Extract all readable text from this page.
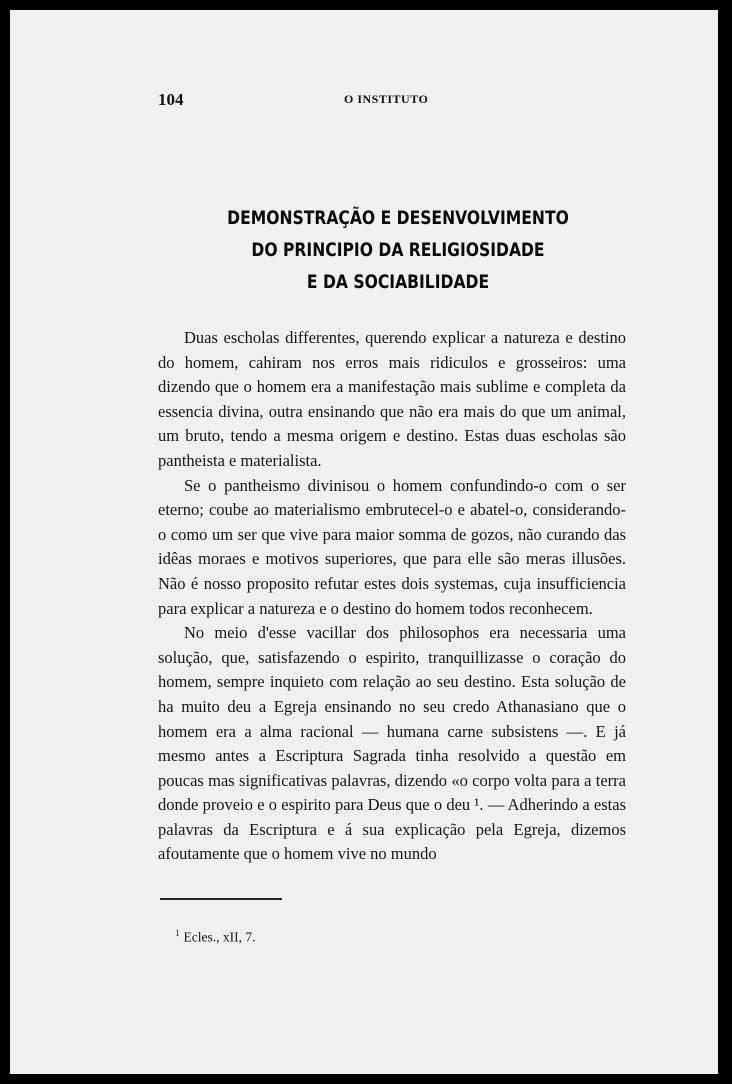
104	O INSTITUTO
DEMONSTRAÇÃO E DESENVOLVIMENTO
DO PRINCIPIO DA RELIGIOSIDADE
E DA SOCIABILIDADE

Duas escholas differentes, querendo explicar a natureza e destino do homem, cahiram nos erros mais ridiculos e grosseiros: uma dizendo que o homem era a manifestação mais sublime e completa da essencia divina, outra ensinando que não era mais do que um animal, um bruto, tendo a mesma origem e destino. Estas duas escholas são pantheista e materialista.

Se o pantheismo divinisou o homem confundindo-o com o ser eterno; coube ao materialismo embrutecel-o e abatel-o, considerando-o como um ser que vive para maior somma de gozos, não curando das idêas moraes e motivos superiores, que para elle são meras illusões. Não é nosso proposito refutar estes dois systemas, cuja insufficiencia para explicar a natureza e o destino do homem todos reconhecem.

No meio d'esse vacillar dos philosophos era necessaria uma solução, que, satisfazendo o espirito, tranquillizasse o coração do homem, sempre inquieto com relação ao seu destino. Esta solução de ha muito deu a Egreja ensinando no seu credo Athanasiano que o homem era a alma racional — humana carne subsistens —. E já mesmo antes a Escriptura Sagrada tinha resolvido a questão em poucas mas significativas palavras, dizendo «o corpo volta para a terra donde proveio e o espirito para Deus que o deu ¹. — Adherindo a estas palavras da Escriptura e á sua explicação pela Egreja, dizemos afoutamente que o homem vive no mundo

$^1$ Ecles., xII, 7.
